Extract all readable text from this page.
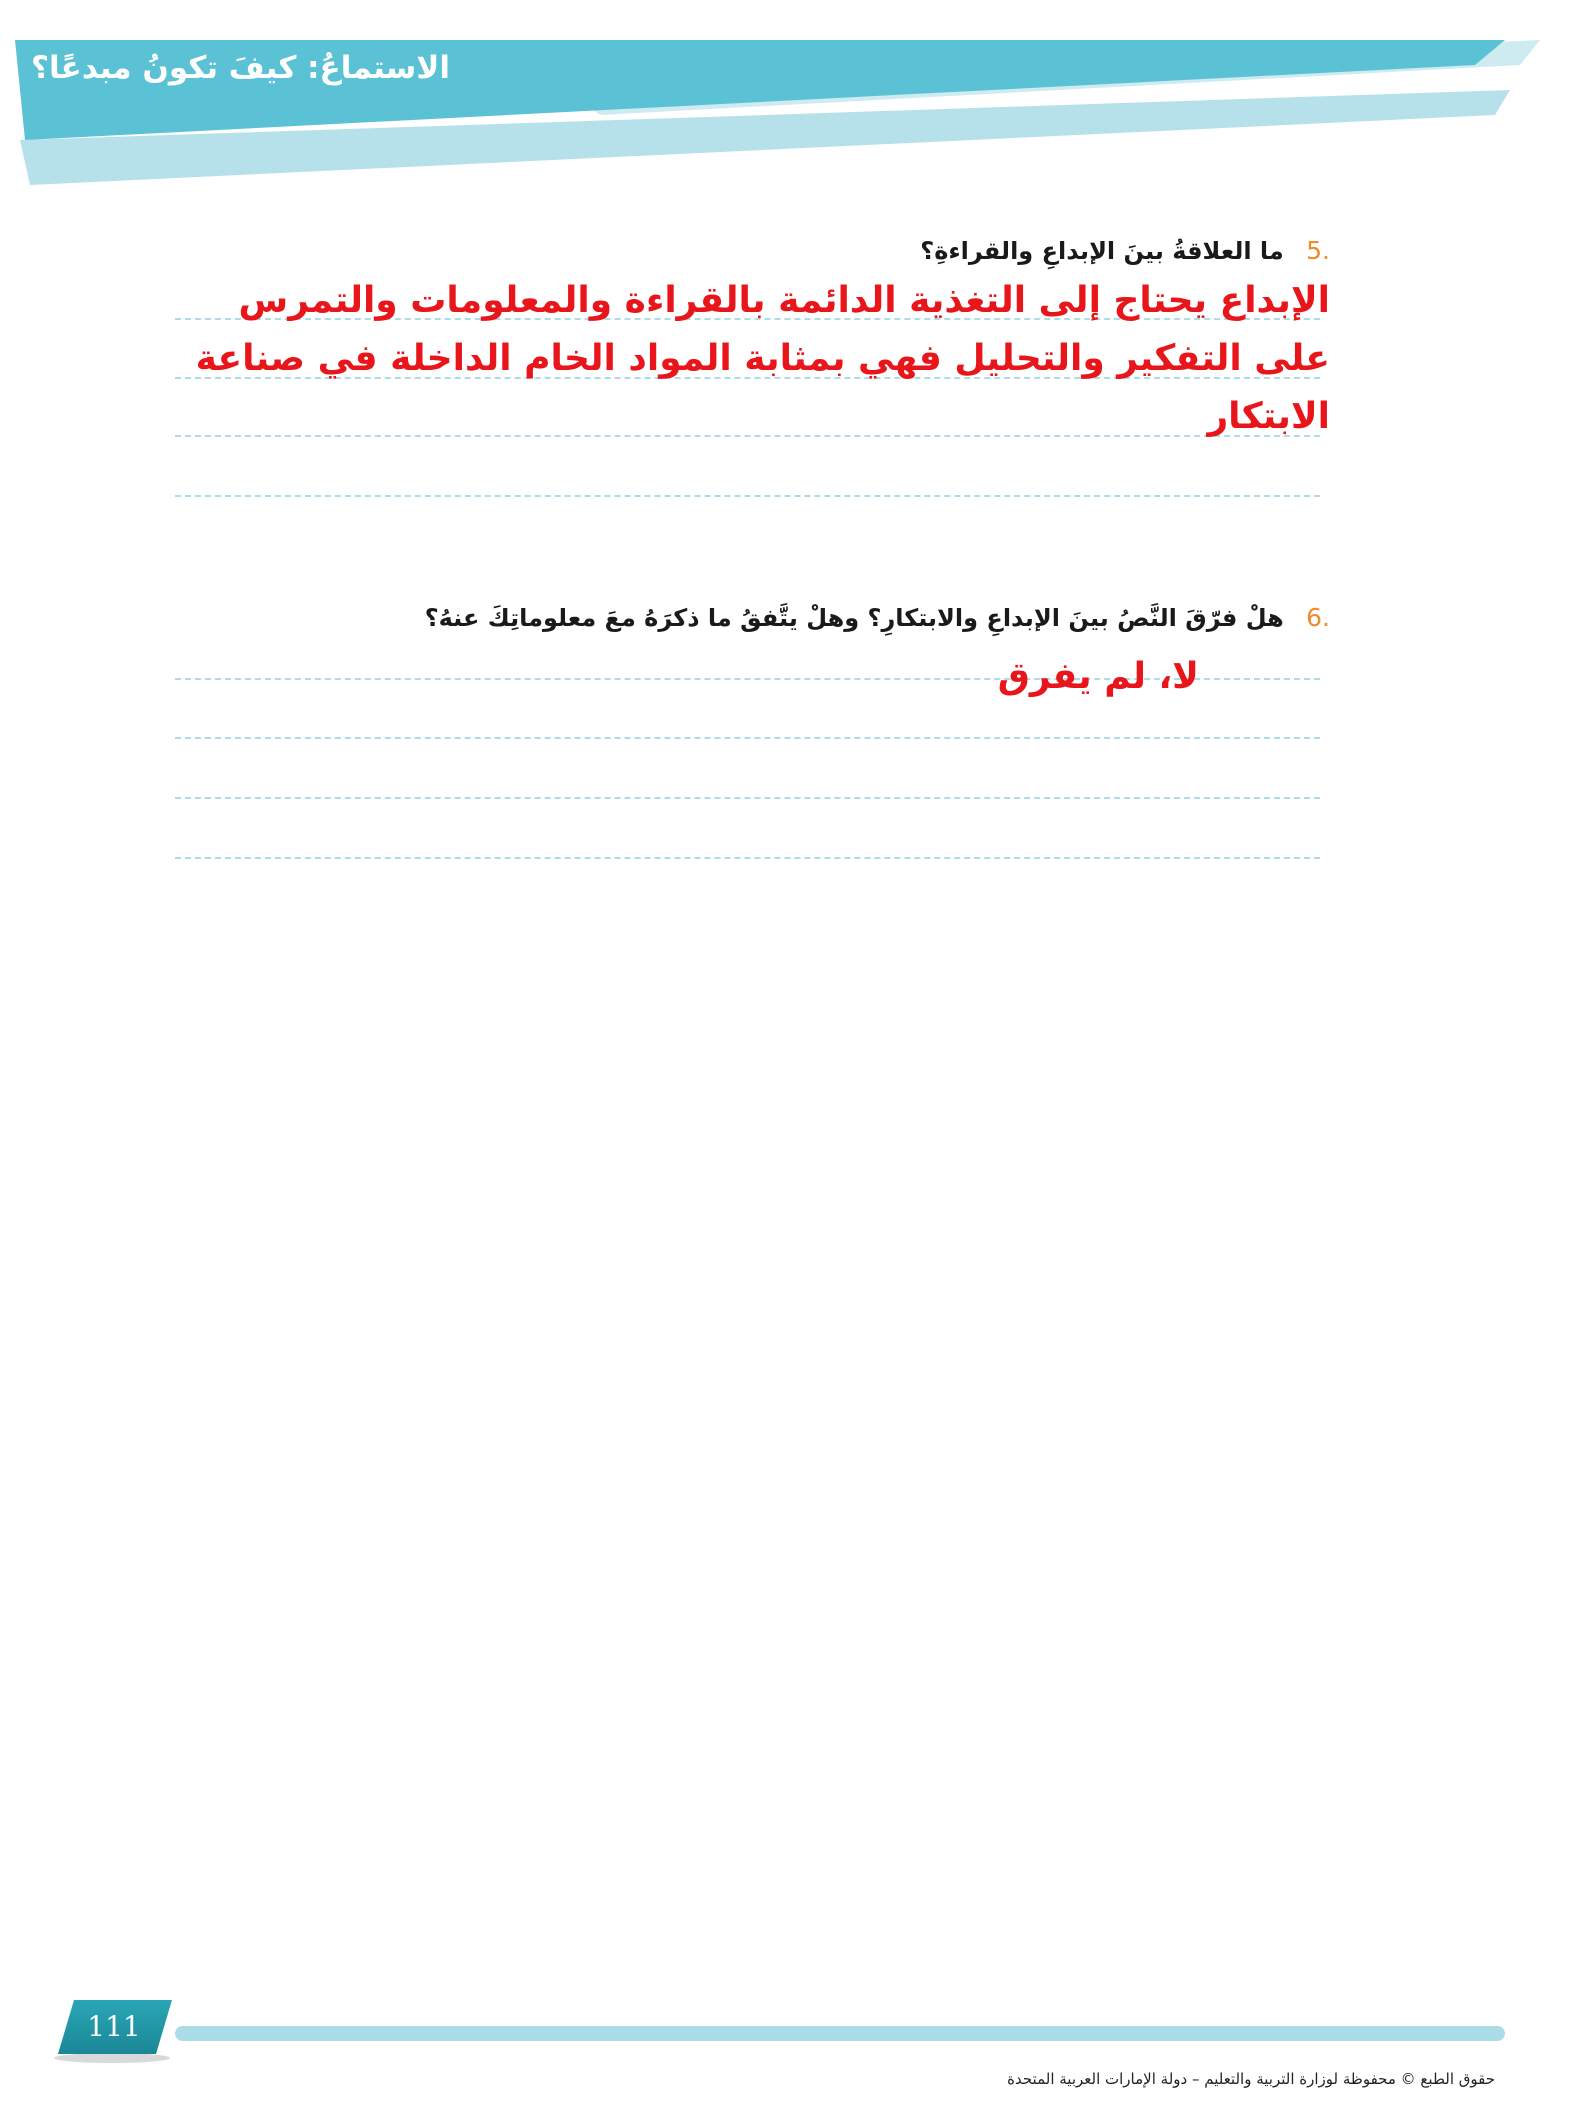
الاستماعُ: كيفَ تكونُ مبدعًا؟
.5 ما العلاقةُ بينَ الإبداعِ والقراءةِ؟

الإبداع يحتاج إلى التغذية الدائمة بالقراءة والمعلومات والتمرس على التفكير والتحليل فهي بمثابة المواد الخام الداخلة في صناعة الابتكار

.6 هلْ فرّقَ النَّصُ بينَ الإبداعِ والابتكارِ؟ وهلْ يتَّفقُ ما ذكرَهُ معَ معلوماتِكَ عنهُ؟

لا، لم يفرق

111
حقوق الطبع © محفوظة لوزارة التربية والتعليم – دولة الإمارات العربية المتحدة
